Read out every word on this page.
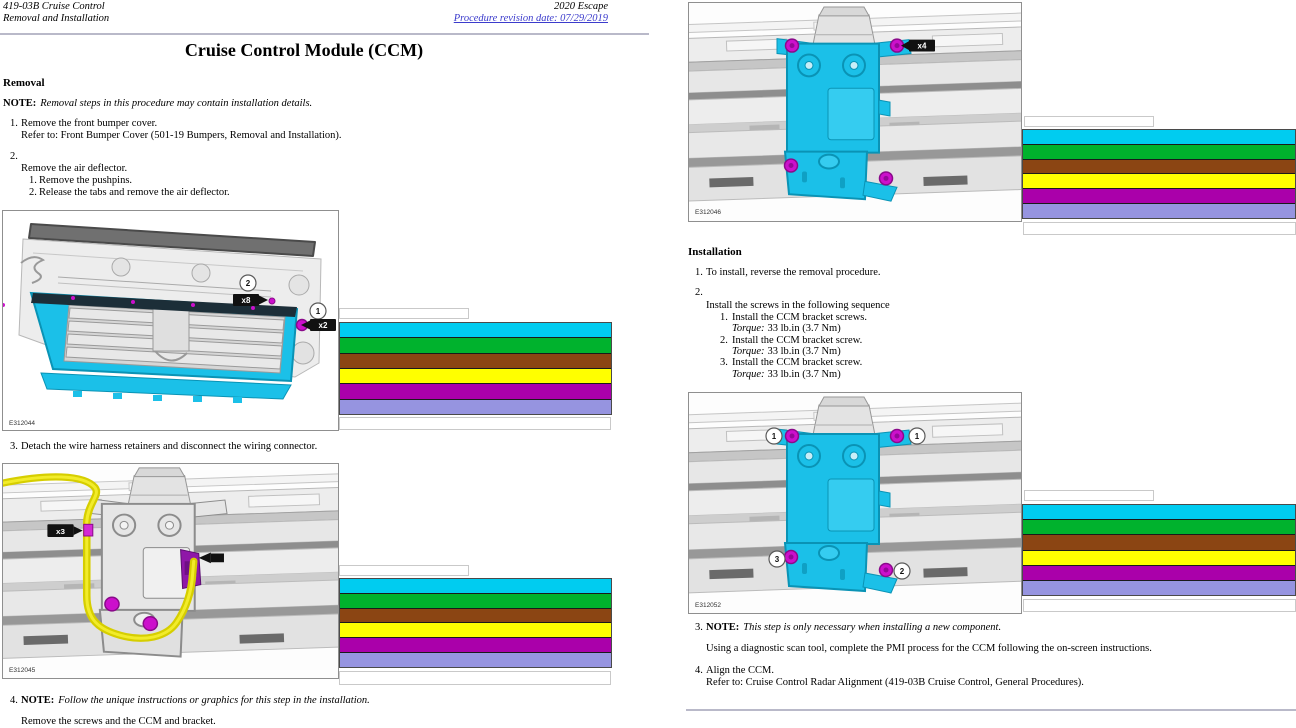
419-03B Cruise Control
Removal and Installation
2020 Escape
Procedure revision date: 07/29/2019
Cruise Control Module (CCM)
Removal
NOTE: Removal steps in this procedure may contain installation details.
1. Remove the front bumper cover.
Refer to: Front Bumper Cover (501-19 Bumpers, Removal and Installation).
2.
Remove the air deflector.
1. Remove the pushpins.
2. Release the tabs and remove the air deflector.
2
x8
1
x2
E312044
3. Detach the wire harness retainers and disconnect the wiring connector.
x3
E312045
4. NOTE: Follow the unique instructions or graphics for this step in the installation.
Remove the screws and the CCM and bracket.
x4
E312046
Installation
1. To install, reverse the removal procedure.
2.
Install the screws in the following sequence
1. Install the CCM bracket screws.
Torque: 33 lb.in (3.7 Nm)
2. Install the CCM bracket screw.
Torque: 33 lb.in (3.7 Nm)
3. Install the CCM bracket screw.
Torque: 33 lb.in (3.7 Nm)
1	1
3
2
E312052
3. NOTE: This step is only necessary when installing a new component.
Using a diagnostic scan tool, complete the PMI process for the CCM following the on-screen instructions.
4. Align the CCM.
Refer to: Cruise Control Radar Alignment (419-03B Cruise Control, General Procedures).
